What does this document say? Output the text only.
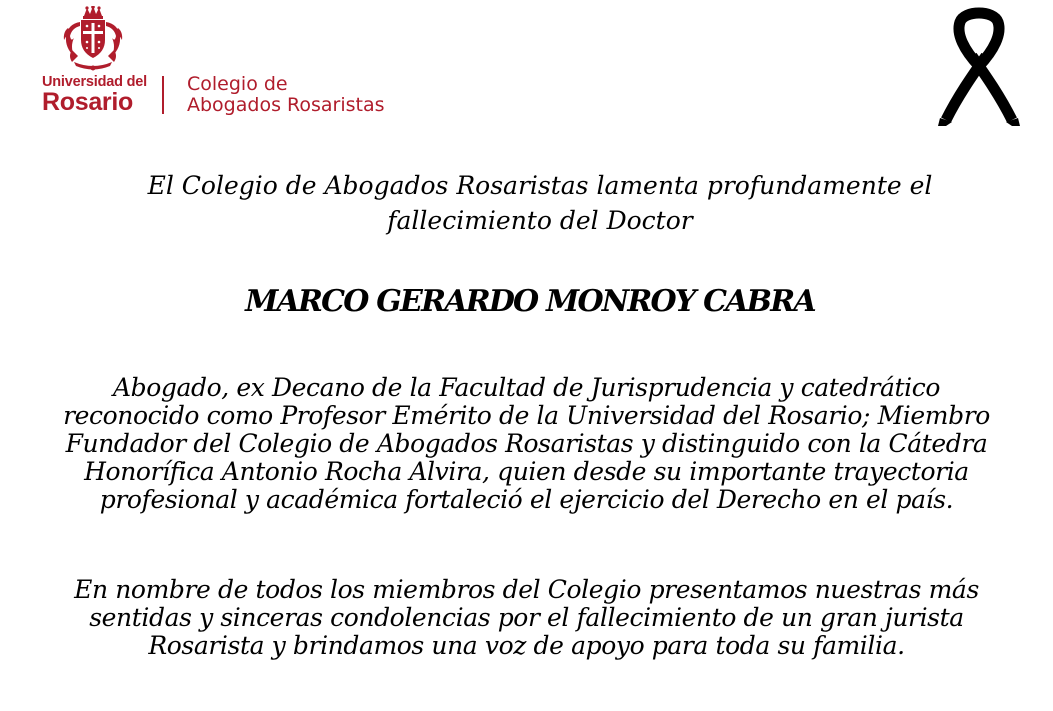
Universidad del
Rosario
Colegio de
Abogados Rosaristas
El Colegio de Abogados Rosaristas lamenta profundamente el
fallecimiento del Doctor
MARCO GERARDO MONROY CABRA
Abogado, ex Decano de la Facultad de Jurisprudencia y catedrático
reconocido como Profesor Emérito de la Universidad del Rosario; Miembro
Fundador del Colegio de Abogados Rosaristas y distinguido con la Cátedra
Honorífica Antonio Rocha Alvira, quien desde su importante trayectoria
profesional y académica fortaleció el ejercicio del Derecho en el país.
En nombre de todos los miembros del Colegio presentamos nuestras más
sentidas y sinceras condolencias por el fallecimiento de un gran jurista
Rosarista y brindamos una voz de apoyo para toda su familia.
